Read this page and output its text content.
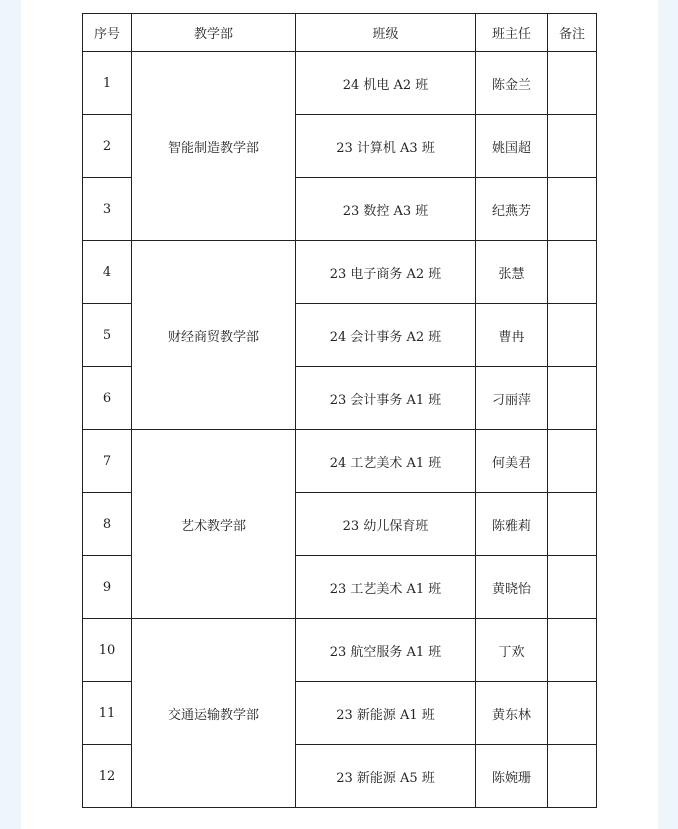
序号	教学部	班级	班主任	备注
1	智能制造教学部	24 机电 A2 班	陈金兰	
2		23 计算机 A3 班	姚国超	
3		23 数控 A3 班	纪燕芳	
4	财经商贸教学部	23 电子商务 A2 班	张慧	
5		24 会计事务 A2 班	曹冉	
6		23 会计事务 A1 班	刁丽萍	
7	艺术教学部	24 工艺美术 A1 班	何美君	
8		23 幼儿保育班	陈雅莉	
9		23 工艺美术 A1 班	黄晓怡	
10	交通运输教学部	23 航空服务 A1 班	丁欢	
11		23 新能源 A1 班	黄东林	
12		23 新能源 A5 班	陈婉珊	
